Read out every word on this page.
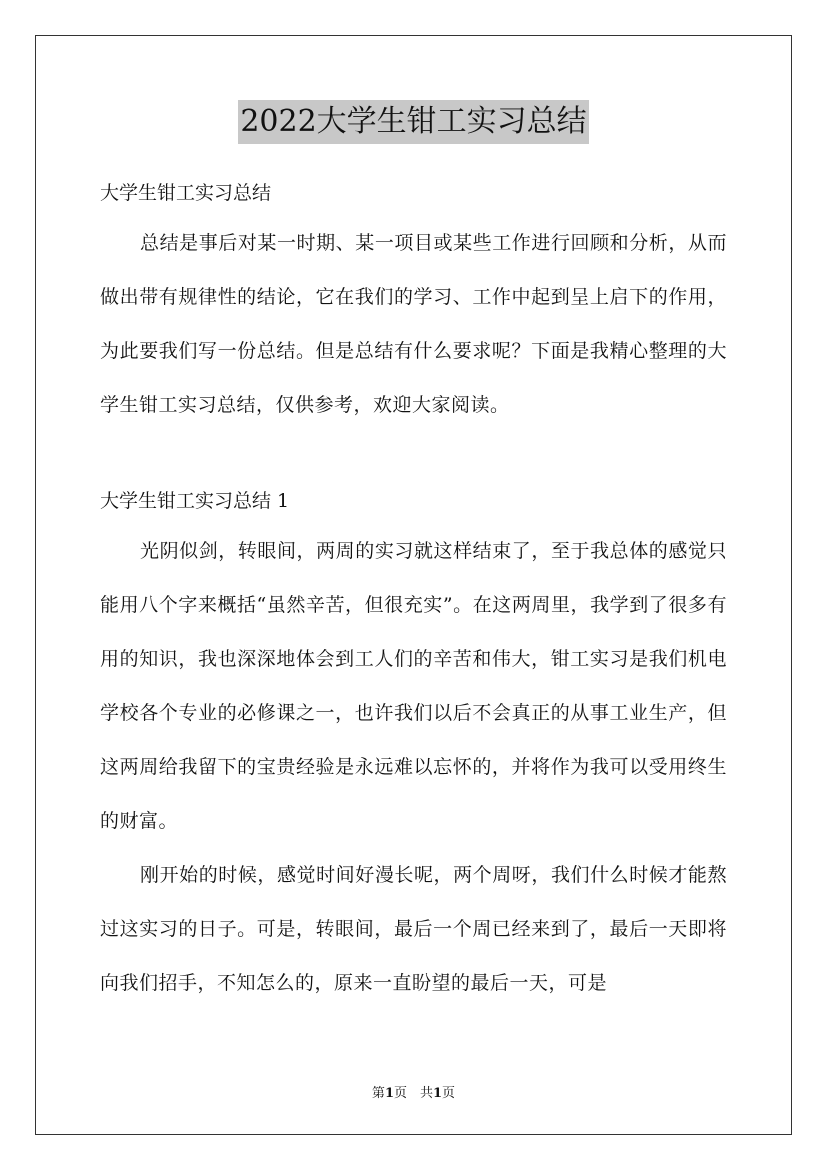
2022大学生钳工实习总结

大学生钳工实习总结

总结是事后对某一时期、某一项目或某些工作进行回顾和分析，从而做出带有规律性的结论，它在我们的学习、工作中起到呈上启下的作用，为此要我们写一份总结。但是总结有什么要求呢？下面是我精心整理的大学生钳工实习总结，仅供参考，欢迎大家阅读。

大学生钳工实习总结 1

光阴似剑，转眼间，两周的实习就这样结束了，至于我总体的感觉只能用八个字来概括“虽然辛苦，但很充实”。在这两周里，我学到了很多有用的知识，我也深深地体会到工人们的辛苦和伟大，钳工实习是我们机电学校各个专业的必修课之一，也许我们以后不会真正的从事工业生产，但这两周给我留下的宝贵经验是永远难以忘怀的，并将作为我可以受用终生的财富。

刚开始的时候，感觉时间好漫长呢，两个周呀，我们什么时候才能熬过这实习的日子。可是，转眼间，最后一个周已经来到了，最后一天即将向我们招手，不知怎么的，原来一直盼望的最后一天，可是

第1页　共1页
